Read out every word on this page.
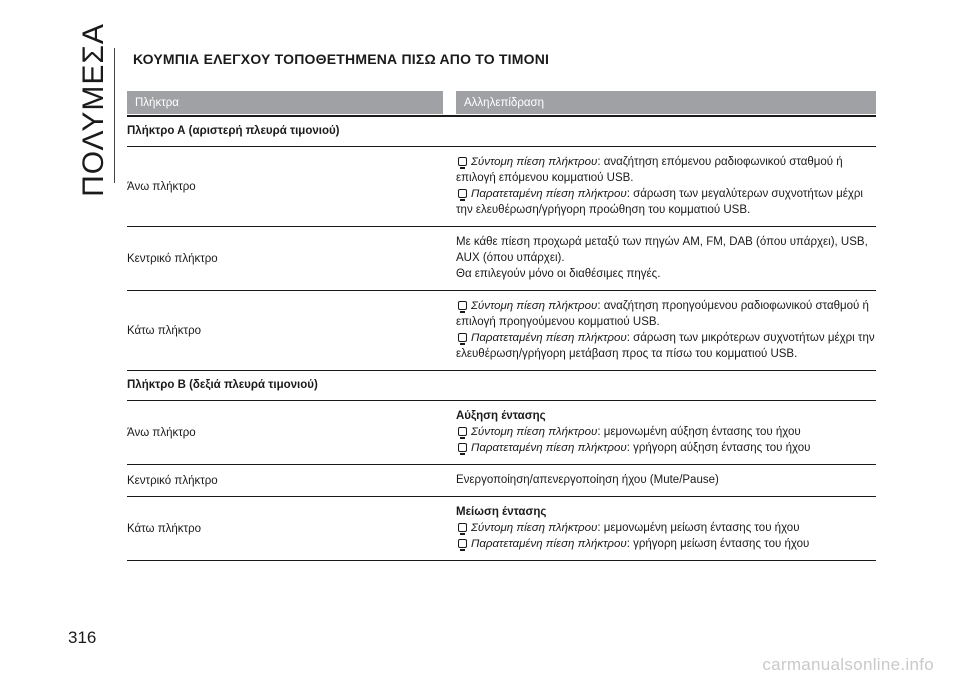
ΠΟΛΥΜΕΣΑ ΚΟΥΜΠΙΑ ΕΛΕΓΧΟΥ ΤΟΠΟΘΕΤΗΜΕΝΑ ΠΙΣΩ ΑΠΟ ΤΟ ΤΙΜΟΝΙ
Πλήκτρα	Αλληλεπίδραση
Πλήκτρο Α (αριστερή πλευρά τιμονιού)
Άνω πλήκτρο
Σύντομη πίεση πλήκτρου: αναζήτηση επόμενου ραδιοφωνικού σταθμού ή επιλογή επόμενου κομματιού USB.
Παρατεταμένη πίεση πλήκτρου: σάρωση των μεγαλύτερων συχνοτήτων μέχρι την ελευθέρωση/γρήγορη προώθηση του κομματιού USB.
Κεντρικό πλήκτρο
Με κάθε πίεση προχωρά μεταξύ των πηγών AM, FM, DAB (όπου υπάρχει), USB, AUX (όπου υπάρχει).
Θα επιλεγούν μόνο οι διαθέσιμες πηγές.
Κάτω πλήκτρο
Σύντομη πίεση πλήκτρου: αναζήτηση προηγούμενου ραδιοφωνικού σταθμού ή επιλογή προηγούμενου κομματιού USB.
Παρατεταμένη πίεση πλήκτρου: σάρωση των μικρότερων συχνοτήτων μέχρι την ελευθέρωση/γρήγορη μετάβαση προς τα πίσω του κομματιού USB.
Πλήκτρο B (δεξιά πλευρά τιμονιού)
Άνω πλήκτρο
Αύξηση έντασης
Σύντομη πίεση πλήκτρου: μεμονωμένη αύξηση έντασης του ήχου
Παρατεταμένη πίεση πλήκτρου: γρήγορη αύξηση έντασης του ήχου
Κεντρικό πλήκτρο	Ενεργοποίηση/απενεργοποίηση ήχου (Mute/Pause)
Κάτω πλήκτρο
Μείωση έντασης
Σύντομη πίεση πλήκτρου: μεμονωμένη μείωση έντασης του ήχου
Παρατεταμένη πίεση πλήκτρου: γρήγορη μείωση έντασης του ήχου
316
carmanualsonline.info
